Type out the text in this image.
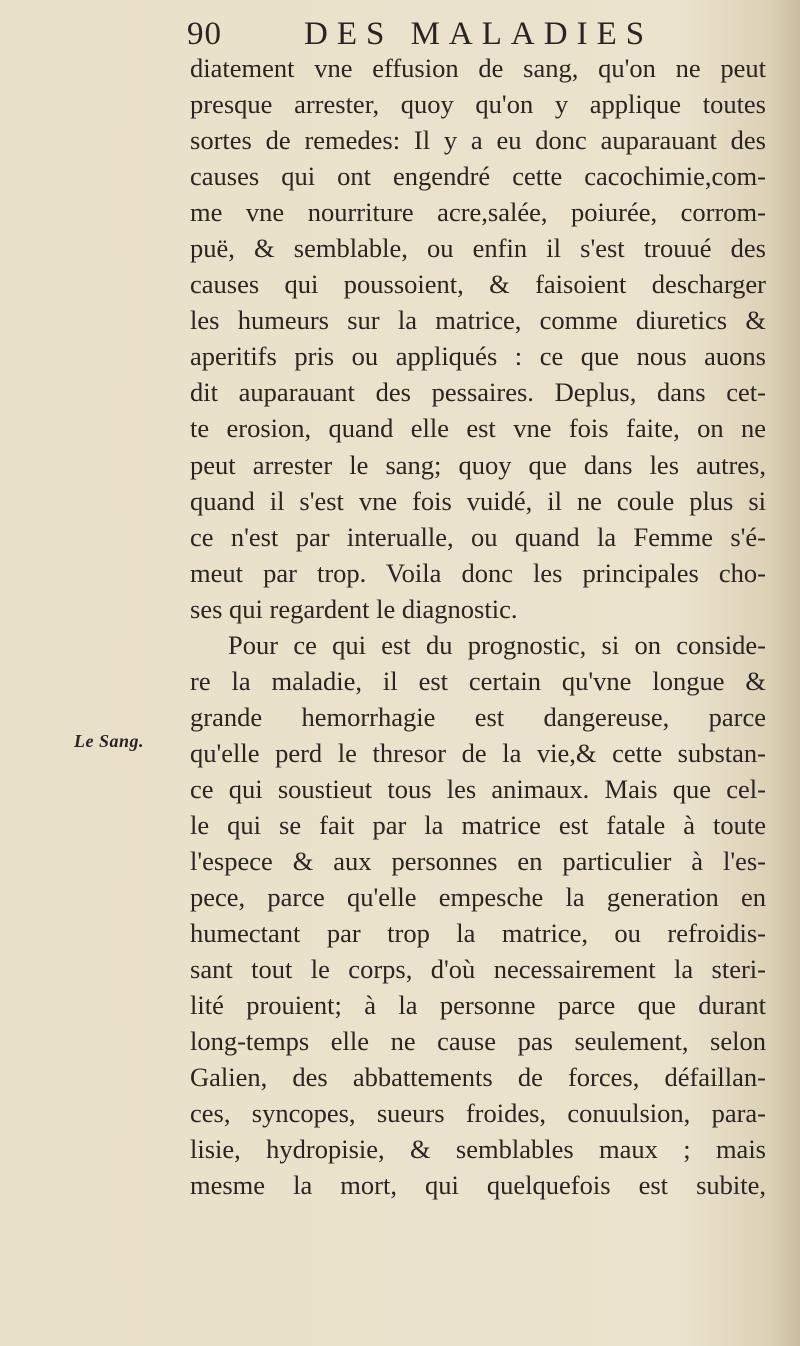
90 DES MALADIES
Le Sang.
diatement vne effusion de sang, qu'on ne peut
presque arrester, quoy qu'on y applique toutes
sortes de remedes: Il y a eu donc auparauant des
causes qui ont engendré cette cacochimie,com-
me vne nourriture acre,salée, poiurée, corrom-
puë, & semblable, ou enfin il s'est trouué des
causes qui poussoient, & faisoient descharger
les humeurs sur la matrice, comme diuretics &
aperitifs pris ou appliqués : ce que nous auons
dit auparauant des pessaires. Deplus, dans cet-
te erosion, quand elle est vne fois faite, on ne
peut arrester le sang; quoy que dans les autres,
quand il s'est vne fois vuidé, il ne coule plus si
ce n'est par interualle, ou quand la Femme s'é-
meut par trop. Voila donc les principales cho-
ses qui regardent le diagnostic.
Pour ce qui est du prognostic, si on conside-
re la maladie, il est certain qu'vne longue &
grande hemorrhagie est dangereuse, parce
qu'elle perd le thresor de la vie,& cette substan-
ce qui soustieut tous les animaux. Mais que cel-
le qui se fait par la matrice est fatale à toute
l'espece & aux personnes en particulier à l'es-
pece, parce qu'elle empesche la generation en
humectant par trop la matrice, ou refroidis-
sant tout le corps, d'où necessairement la steri-
lité prouient; à la personne parce que durant
long-temps elle ne cause pas seulement, selon
Galien, des abbattements de forces, défaillan-
ces, syncopes, sueurs froides, conuulsion, para-
lisie, hydropisie, & semblables maux ; mais
mesme la mort, qui quelquefois est subite,
